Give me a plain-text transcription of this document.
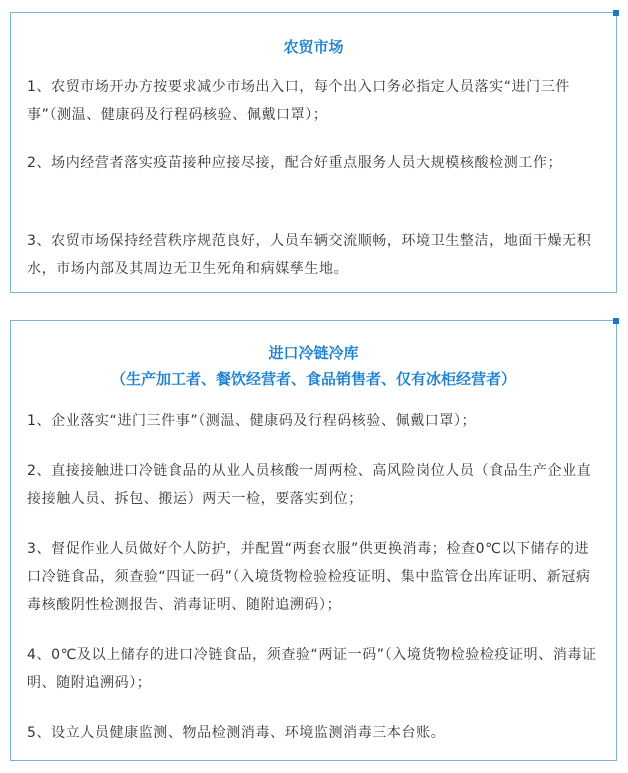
农贸市场
1、农贸市场开办方按要求减少市场出入口，每个出入口务必指定人员落实“进门三件事”（测温、健康码及行程码核验、佩戴口罩）；
2、场内经营者落实疫苗接种应接尽接，配合好重点服务人员大规模核酸检测工作；
3、农贸市场保持经营秩序规范良好，人员车辆交流顺畅，环境卫生整洁，地面干燥无积水，市场内部及其周边无卫生死角和病媒孳生地。
进口冷链冷库
（生产加工者、餐饮经营者、食品销售者、仅有冰柜经营者）
1、企业落实“进门三件事”（测温、健康码及行程码核验、佩戴口罩）；
2、直接接触进口冷链食品的从业人员核酸一周两检、高风险岗位人员（食品生产企业直接接触人员、拆包、搬运）两天一检，要落实到位；
3、督促作业人员做好个人防护，并配置“两套衣服”供更换消毒；检查0℃以下储存的进口冷链食品，须查验“四证一码”（入境货物检验检疫证明、集中监管仓出库证明、新冠病毒核酸阴性检测报告、消毒证明、随附追溯码）；
4、0℃及以上储存的进口冷链食品，须查验“两证一码”（入境货物检验检疫证明、消毒证明、随附追溯码）；
5、设立人员健康监测、物品检测消毒、环境监测消毒三本台账。
